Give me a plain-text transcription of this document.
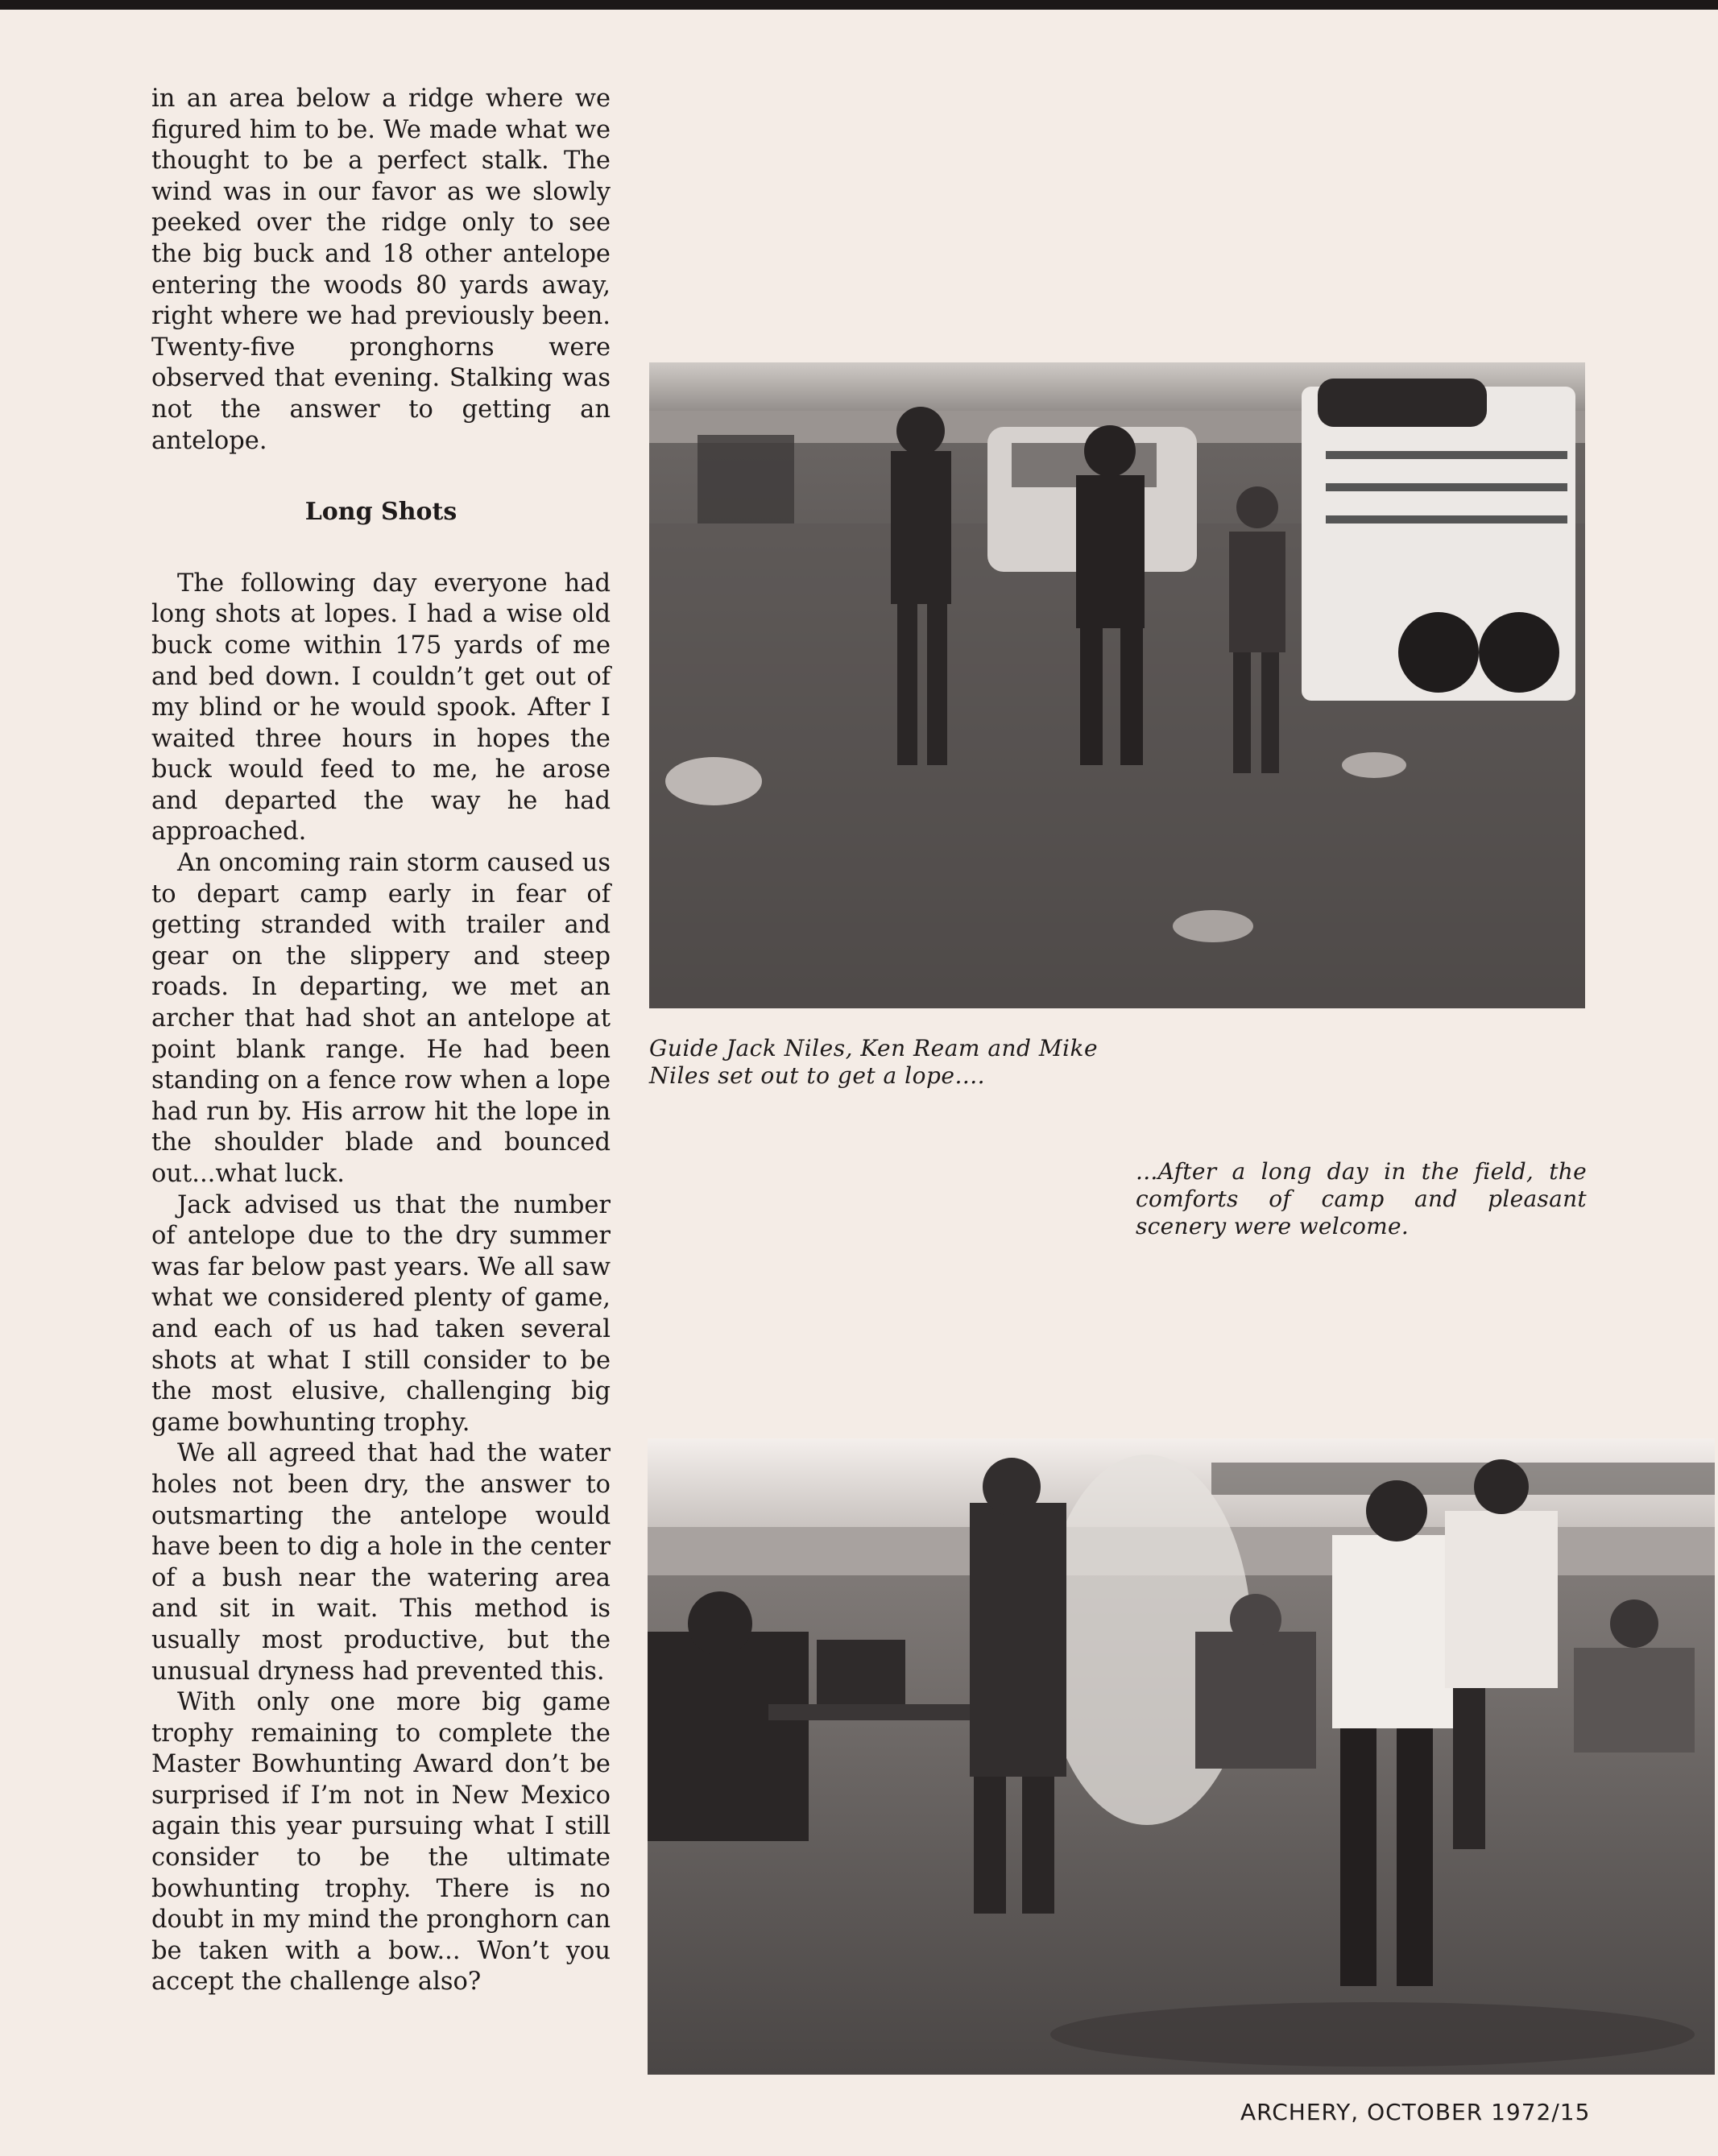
in an area below a ridge where we figured him to be. We made what we thought to be a perfect stalk. The wind was in our favor as we slowly peeked over the ridge only to see the big buck and 18 other antelope entering the woods 80 yards away, right where we had previously been. Twenty-five pronghorns were observed that evening. Stalking was not the answer to getting an antelope.

Long Shots

The following day everyone had long shots at lopes. I had a wise old buck come within 175 yards of me and bed down. I couldn’t get out of my blind or he would spook. After I waited three hours in hopes the buck would feed to me, he arose and departed the way he had approached.

An oncoming rain storm caused us to depart camp early in fear of getting stranded with trailer and gear on the slippery and steep roads. In departing, we met an archer that had shot an antelope at point blank range. He had been standing on a fence row when a lope had run by. His arrow hit the lope in the shoulder blade and bounced out...what luck.

Jack advised us that the number of antelope due to the dry summer was far below past years. We all saw what we considered plenty of game, and each of us had taken several shots at what I still consider to be the most elusive, challenging big game bowhunting trophy.

We all agreed that had the water holes not been dry, the answer to outsmarting the antelope would have been to dig a hole in the center of a bush near the watering area and sit in wait. This method is usually most productive, but the unusual dryness had prevented this.

With only one more big game trophy remaining to complete the Master Bowhunting Award don’t be surprised if I’m not in New Mexico again this year pursuing what I still consider to be the ultimate bowhunting trophy. There is no doubt in my mind the pronghorn can be taken with a bow... Won’t you accept the challenge also?

Guide Jack Niles, Ken Ream and Mike Niles set out to get a lope....
...After a long day in the field, the comforts of camp and pleasant scenery were welcome.
ARCHERY, OCTOBER 1972/15
